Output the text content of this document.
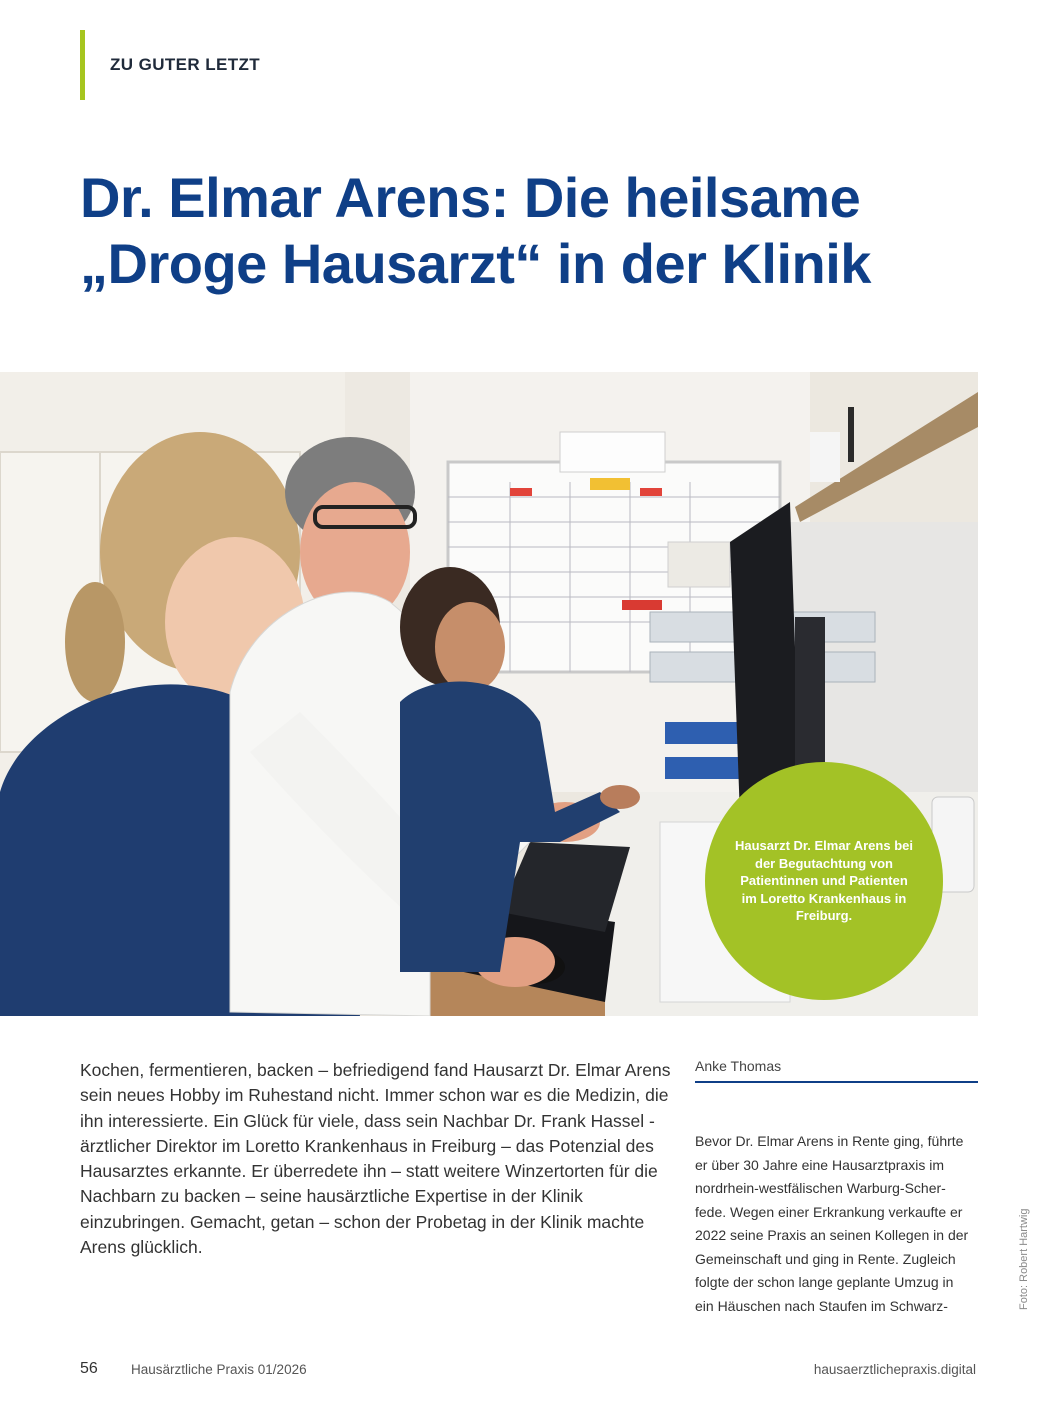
ZU GUTER LETZT
Dr. Elmar Arens: Die heilsame
„Droge Hausarzt“ in der Klinik
Hausarzt Dr. Elmar Arens bei der Begutachtung von Patientinnen und Patienten im Loretto Krankenhaus in Freiburg.

Kochen, fermentieren, backen – befriedigend fand Hausarzt Dr. Elmar Arens sein neues Hobby im Ruhestand nicht. Immer schon war es die Medizin, die ihn interessierte. Ein Glück für viele, dass sein Nachbar Dr. Frank Hassel - ärztlicher Direktor im Loretto Krankenhaus in Freiburg – das Potenzial des Hausarztes erkannte. Er überredete ihn – statt weitere Winzertorten für die Nachbarn zu backen – seine hausärztliche Expertise in der Klinik einzubringen. Gemacht, getan – schon der Probetag in der Klinik machte Arens glücklich.

Anke Thomas

Bevor Dr. Elmar Arens in Rente ging, führte
er über 30 Jahre eine Hausarztpraxis im
nordrhein-westfälischen Warburg-Scher-
fede. Wegen einer Erkrankung verkaufte er
2022 seine Praxis an seinen Kollegen in der
Gemeinschaft und ging in Rente. Zugleich
folgte der schon lange geplante Umzug in
ein Häuschen nach Staufen im Schwarz-	Foto: Robert Hartwig
56 Hausärztliche Praxis 01/2026	hausaerztlichepraxis.digital
